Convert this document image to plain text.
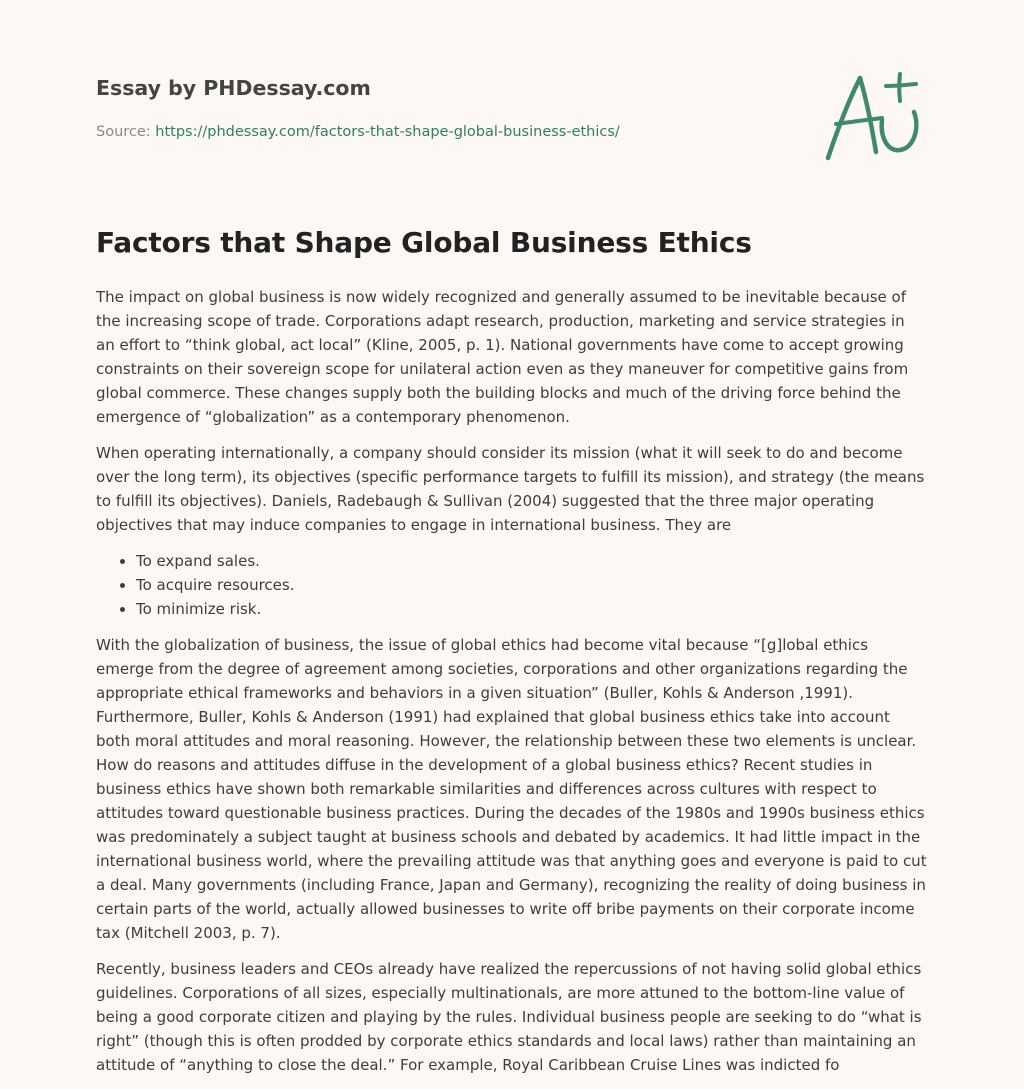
Essay by PHDessay.com
Source: https://phdessay.com/factors-that-shape-global-business-ethics/
Factors that Shape Global Business Ethics

The impact on global business is now widely recognized and generally assumed to be inevitable because of the increasing scope of trade. Corporations adapt research, production, marketing and service strategies in an effort to “think global, act local” (Kline, 2005, p. 1). National governments have come to accept growing constraints on their sovereign scope for unilateral action even as they maneuver for competitive gains from global commerce. These changes supply both the building blocks and much of the driving force behind the emergence of “globalization” as a contemporary phenomenon.

When operating internationally, a company should consider its mission (what it will seek to do and become over the long term), its objectives (specific performance targets to fulfill its mission), and strategy (the means to fulfill its objectives). Daniels, Radebaugh & Sullivan (2004) suggested that the three major operating objectives that may induce companies to engage in international business. They are

• To expand sales.
• To acquire resources.
• To minimize risk.

With the globalization of business, the issue of global ethics had become vital because “[g]lobal ethics emerge from the degree of agreement among societies, corporations and other organizations regarding the appropriate ethical frameworks and behaviors in a given situation” (Buller, Kohls & Anderson ,1991). Furthermore, Buller, Kohls & Anderson (1991) had explained that global business ethics take into account both moral attitudes and moral reasoning. However, the relationship between these two elements is unclear. How do reasons and attitudes diffuse in the development of a global business ethics? Recent studies in business ethics have shown both remarkable similarities and differences across cultures with respect to attitudes toward questionable business practices. During the decades of the 1980s and 1990s business ethics was predominately a subject taught at business schools and debated by academics. It had little impact in the international business world, where the prevailing attitude was that anything goes and everyone is paid to cut a deal. Many governments (including France, Japan and Germany), recognizing the reality of doing business in certain parts of the world, actually allowed businesses to write off bribe payments on their corporate income tax (Mitchell 2003, p. 7).

Recently, business leaders and CEOs already have realized the repercussions of not having solid global ethics guidelines. Corporations of all sizes, especially multinationals, are more attuned to the bottom-line value of being a good corporate citizen and playing by the rules. Individual business people are seeking to do “what is right” (though this is often prodded by corporate ethics standards and local laws) rather than maintaining an attitude of “anything to close the deal.” For example, Royal Caribbean Cruise Lines was indicted fo
